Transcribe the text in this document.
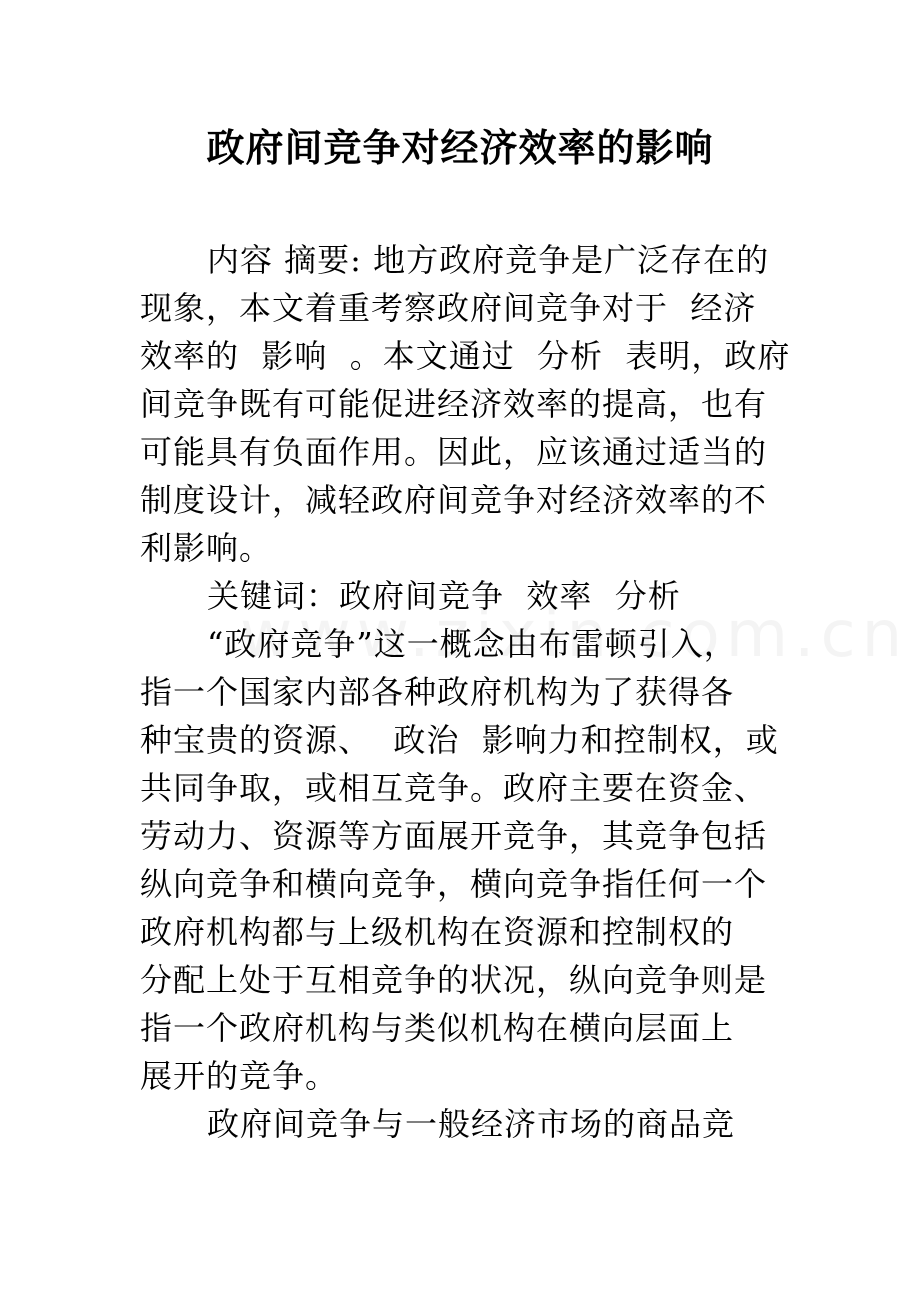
政府间竞争对经济效率的影响
内容 摘要: 地方政府竞争是广泛存在的
现象，本文着重考察政府间竞争对于  经济
效率的  影响  。本文通过  分析  表明，政府
间竞争既有可能促进经济效率的提高，也有
可能具有负面作用。因此，应该通过适当的
制度设计，减轻政府间竞争对经济效率的不
利影响。
关键词：政府间竞争  效率  分析
“政府竞争”这一概念由布雷顿引入，
指一个国家内部各种政府机构为了获得各
种宝贵的资源、  政治  影响力和控制权，或
共同争取，或相互竞争。政府主要在资金、
劳动力、资源等方面展开竞争，其竞争包括
纵向竞争和横向竞争，横向竞争指任何一个
政府机构都与上级机构在资源和控制权的
分配上处于互相竞争的状况，纵向竞争则是
指一个政府机构与类似机构在横向层面上
展开的竞争。
政府间竞争与一般经济市场的商品竞
